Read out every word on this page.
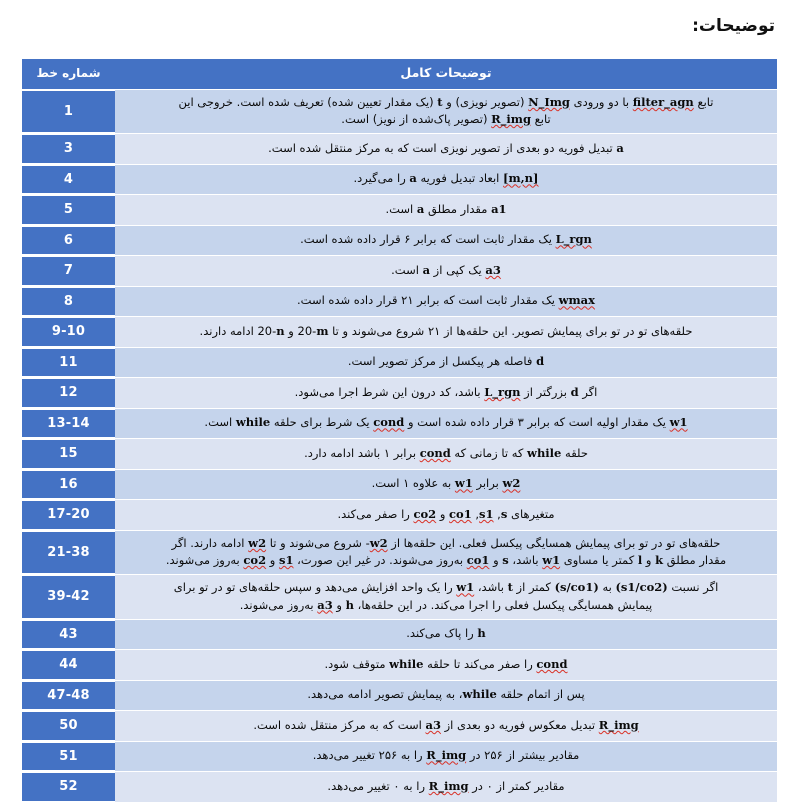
توضیحات:
توضیحات کامل	شماره خط

تابع filter_agn با دو ورودی N_Img (تصویر نویزی) و t (یک مقدار تعیین شده) تعریف شده است. خروجی این
تابع R_img (تصویر پاک‌شده از نویز) است.	1

a تبدیل فوریه دو بعدی از تصویر نویزی است که به مرکز منتقل شده است.	3

[m,n] ابعاد تبدیل فوریه a را می‌گیرد.	4

a1 مقدار مطلق a است.	5

L_rgn یک مقدار ثابت است که برابر ۶ قرار داده شده است.	6

a3 یک کپی از a است.	7

wmax یک مقدار ثابت است که برابر ۲۱ قرار داده شده است.	8

حلقه‌های تو در تو برای پیمایش تصویر. این حلقه‌ها از ۲۱ شروع می‌شوند و تا m-20 و n-20 ادامه دارند.	9-10

d فاصله هر پیکسل از مرکز تصویر است.	11

اگر d بزرگتر از L_rgn باشد، کد درون این شرط اجرا می‌شود.	12

w1 یک مقدار اولیه است که برابر ۳ قرار داده شده است و cond یک شرط برای حلقه while است.	13-14

حلقه while که تا زمانی که cond برابر ۱ باشد ادامه دارد.	15

w2 برابر w1 به علاوه ۱ است.	16

متغیرهای s, s1, co1 و co2 را صفر می‌کند.	17-20

حلقه‌های تو در تو برای پیمایش همسایگی پیکسل فعلی. این حلقه‌ها از w2- شروع می‌شوند و تا w2 ادامه دارند. اگر
مقدار مطلق k و l کمتر یا مساوی w1 باشد، s و co1 به‌روز می‌شوند. در غیر این صورت، s1 و co2 به‌روز می‌شوند.	21-38

اگر نسبت (s1/co2) به (s/co1) کمتر از t باشد، w1 را یک واحد افزایش می‌دهد و سپس حلقه‌های تو در تو برای
پیمایش همسایگی پیکسل فعلی را اجرا می‌کند. در این حلقه‌ها، h و a3 به‌روز می‌شوند.	39-42

h را پاک می‌کند.	43

cond را صفر می‌کند تا حلقه while متوقف شود.	44

پس از اتمام حلقه while، به پیمایش تصویر ادامه می‌دهد.	47-48

R_img تبدیل معکوس فوریه دو بعدی از a3 است که به مرکز منتقل شده است.	50

مقادیر بیشتر از ۲۵۶ در R_img را به ۲۵۶ تغییر می‌دهد.	51

مقادیر کمتر از ۰ در R_img را به ۰ تغییر می‌دهد.	52
